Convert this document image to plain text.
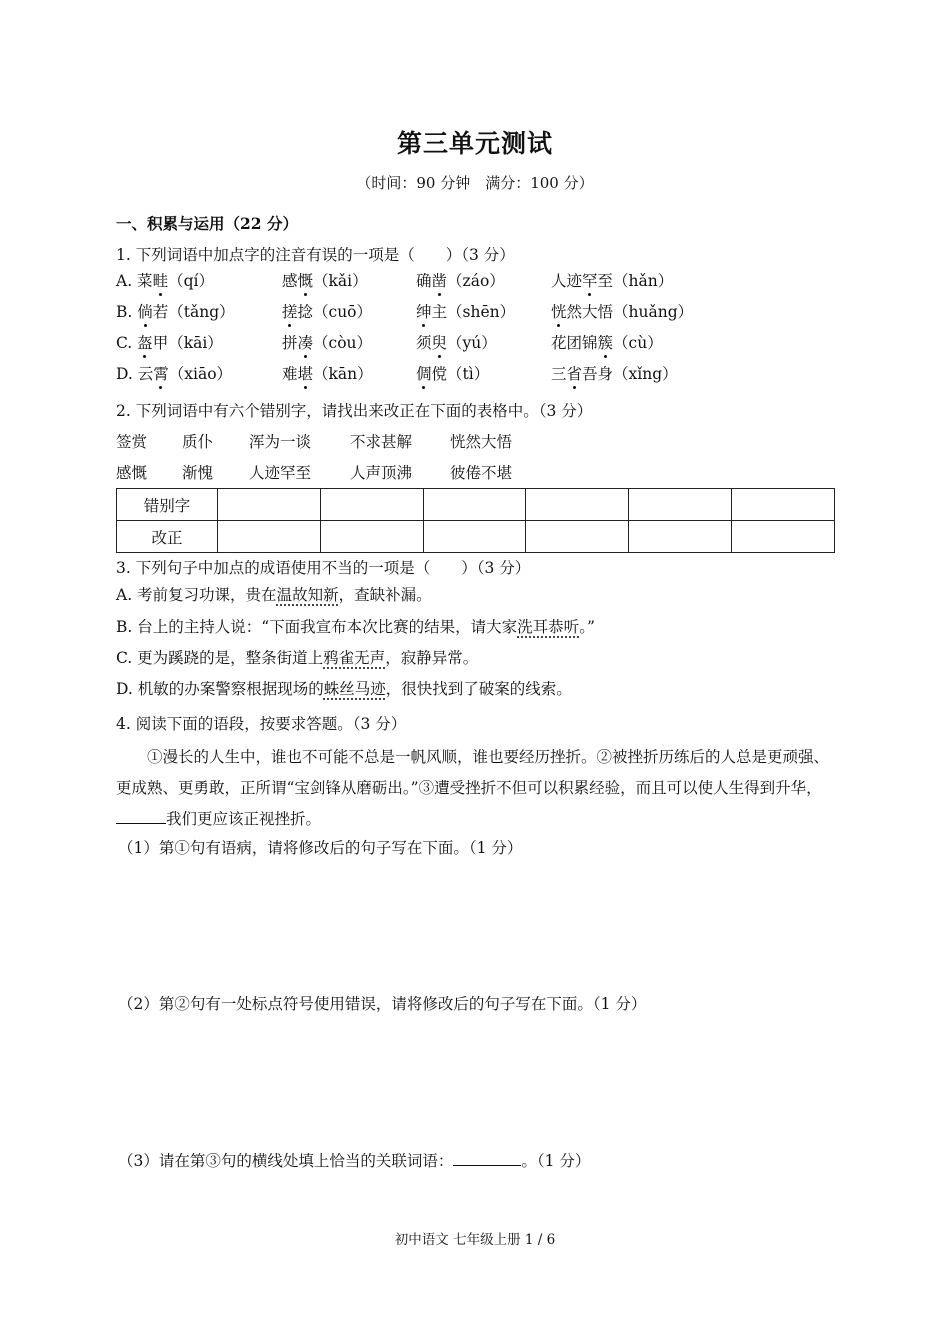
第三单元测试
（时间：90 分钟　满分：100 分）
一、积累与运用（22 分）
1. 下列词语中加点字的注音有误的一项是（　　）（3 分）
A. 菜畦（qí）	感慨（kǎi）	确凿（záo）	人迹罕至（hǎn）
B. 倘若（tǎng）	搓捻（cuō）	绅主（shēn） 恍然大悟（huǎng）
C. 盔甲（kāi）	拼凑（còu）	须臾（yú）	花团锦簇（cù）
D. 云霄（xiāo）	难堪（kān）	倜傥（tì）	三省吾身（xǐng）
2. 下列词语中有六个错别字，请找出来改正在下面的表格中。（3 分）
签赏 质仆 浑为一谈	不求甚解 恍然大悟
感慨 渐愧 人迹罕至	人声顶沸 彼倦不堪
错别字						
改正						
3. 下列句子中加点的成语使用不当的一项是（　　）（3 分）
A. 考前复习功课，贵在温故知新，查缺补漏。
B. 台上的主持人说：“下面我宣布本次比赛的结果，请大家洗耳恭听。”
C. 更为蹊跷的是，整条街道上鸦雀无声，寂静异常。
D. 机敏的办案警察根据现场的蛛丝马迹，很快找到了破案的线索。
4. 阅读下面的语段，按要求答题。（3 分）
①漫长的人生中，谁也不可能不总是一帆风顺，谁也要经历挫折。②被挫折历练后的人总是更顽强、更成熟、更勇敢，正所谓“宝剑锋从磨砺出。”③遭受挫折不但可以积累经验，而且可以使人生得到升华，我们更应该正视挫折。
（1）第①句有语病，请将修改后的句子写在下面。（1 分）
（2）第②句有一处标点符号使用错误，请将修改后的句子写在下面。（1 分）
（3）请在第③句的横线处填上恰当的关联词语：	。（1 分）
初中语文 七年级上册 1 / 6
